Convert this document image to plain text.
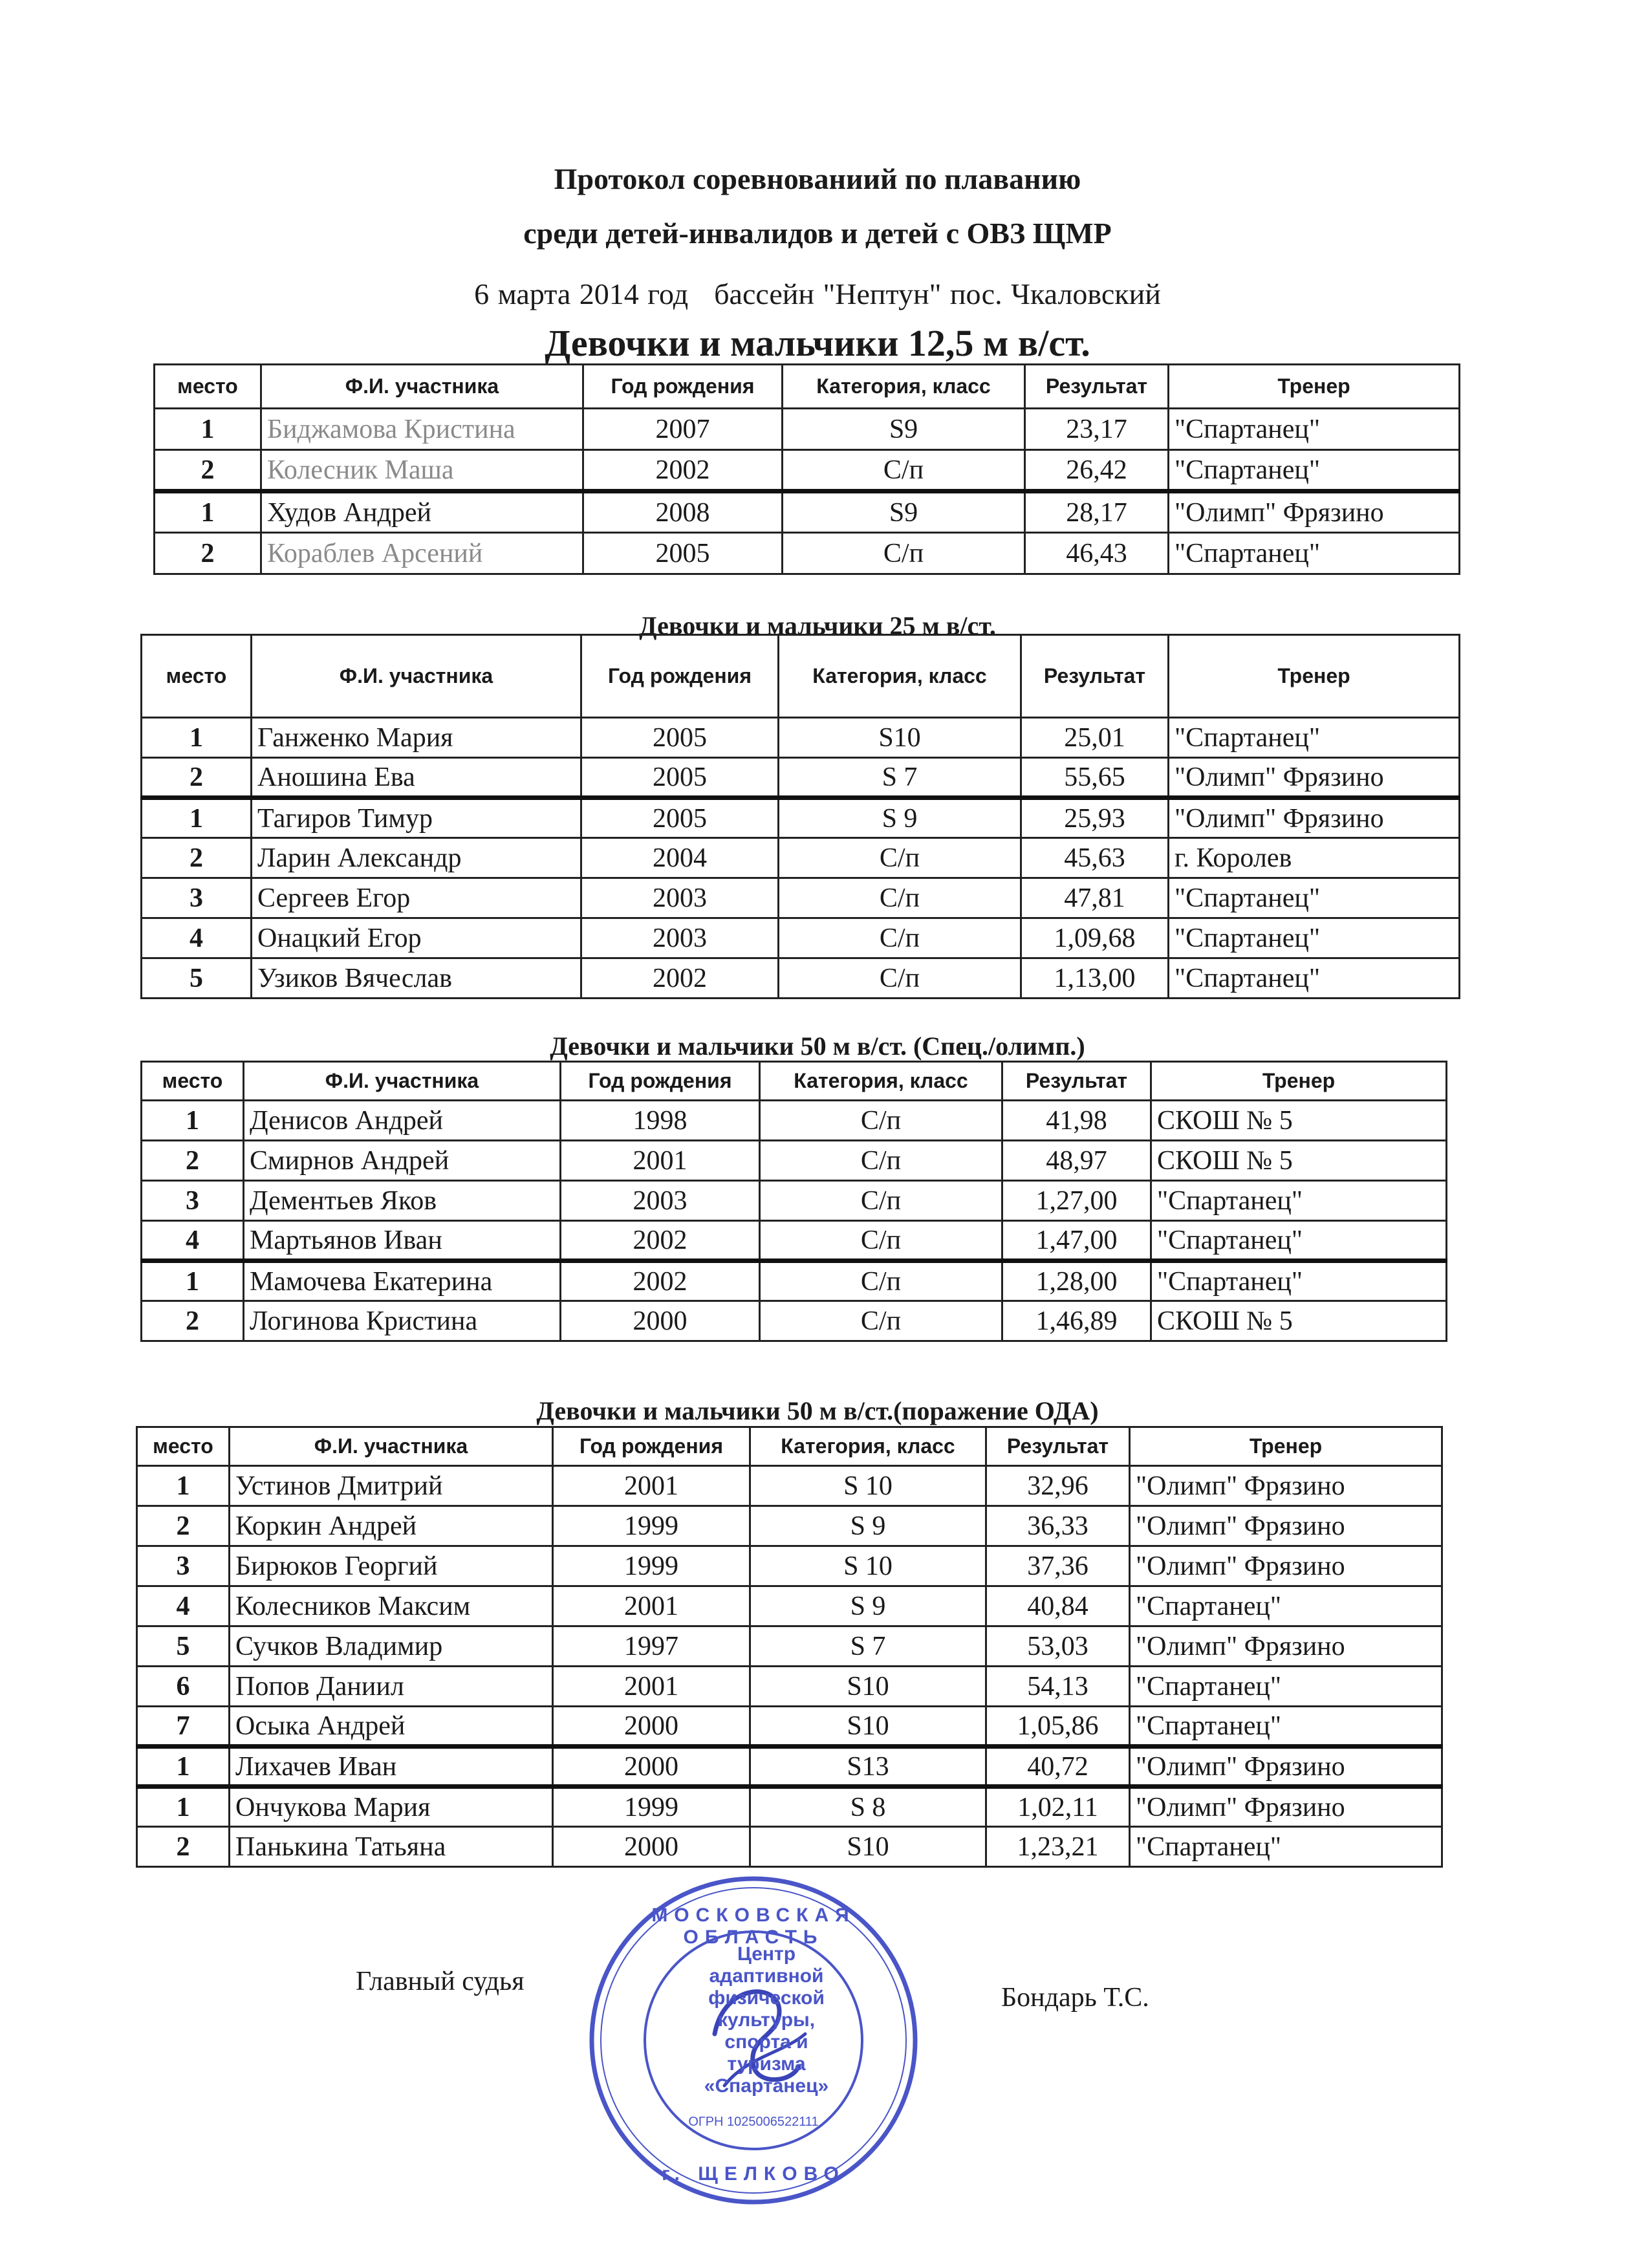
Протокол соревнованиий по плаванию
среди детей-инвалидов и детей с ОВЗ ЩМР
6 марта 2014 год бассейн "Нептун" пос. Чкаловский
Девочки и мальчики 12,5 м в/ст.
место	Ф.И. участника	Год рождения	Категория, класс	Результат	Тренер
1	Биджамова Кристина	2007	S9	23,17	"Спартанец"
2	Колесник Маша	2002	С/п	26,42	"Спартанец"
1	Худов Андрей	2008	S9	28,17	"Олимп" Фрязино
2	Кораблев Арсений	2005	С/п	46,43	"Спартанец"
Девочки и мальчики 25 м в/ст.
место	Ф.И. участника	Год рождения	Категория, класс	Результат	Тренер
1	Ганженко Мария	2005	S10	25,01	"Спартанец"
2	Аношина Ева	2005	S 7	55,65	"Олимп" Фрязино
1	Тагиров Тимур	2005	S 9	25,93	"Олимп" Фрязино
2	Ларин Александр	2004	С/п	45,63	г. Королев
3	Сергеев Егор	2003	С/п	47,81	"Спартанец"
4	Онацкий Егор	2003	С/п	1,09,68	"Спартанец"
5	Узиков Вячеслав	2002	С/п	1,13,00	"Спартанец"
Девочки и мальчики 50 м в/ст. (Спец./олимп.)
место	Ф.И. участника	Год рождения	Категория, класс	Результат	Тренер
1	Денисов Андрей	1998	С/п	41,98	СКОШ № 5
2	Смирнов Андрей	2001	С/п	48,97	СКОШ № 5
3	Дементьев Яков	2003	С/п	1,27,00	"Спартанец"
4	Мартьянов Иван	2002	С/п	1,47,00	"Спартанец"
1	Мамочева Екатерина	2002	С/п	1,28,00	"Спартанец"
2	Логинова Кристина	2000	С/п	1,46,89	СКОШ № 5
Девочки и мальчики 50 м в/ст.(поражение ОДА)
место	Ф.И. участника	Год рождения	Категория, класс	Результат	Тренер
1	Устинов Дмитрий	2001	S 10	32,96	"Олимп" Фрязино
2	Коркин Андрей	1999	S 9	36,33	"Олимп" Фрязино
3	Бирюков Георгий	1999	S 10	37,36	"Олимп" Фрязино
4	Колесников Максим	2001	S 9	40,84	"Спартанец"
5	Сучков Владимир	1997	S 7	53,03	"Олимп" Фрязино
6	Попов Даниил	2001	S10	54,13	"Спартанец"
7	Осыка Андрей	2000	S10	1,05,86	"Спартанец"
1	Лихачев Иван	2000	S13	40,72	"Олимп" Фрязино
1	Ончукова Мария	1999	S 8	1,02,11	"Олимп" Фрязино
2	Панькина Татьяна	2000	S10	1,23,21	"Спартанец"
Главный судья
Бондарь Т.С.
МОСКОВСКАЯ ОБЛАСТЬ
Центр адаптивной физической культуры, спорта и туризма «Спартанец»
ОГРН 1025006522111
г. ЩЕЛКОВО
